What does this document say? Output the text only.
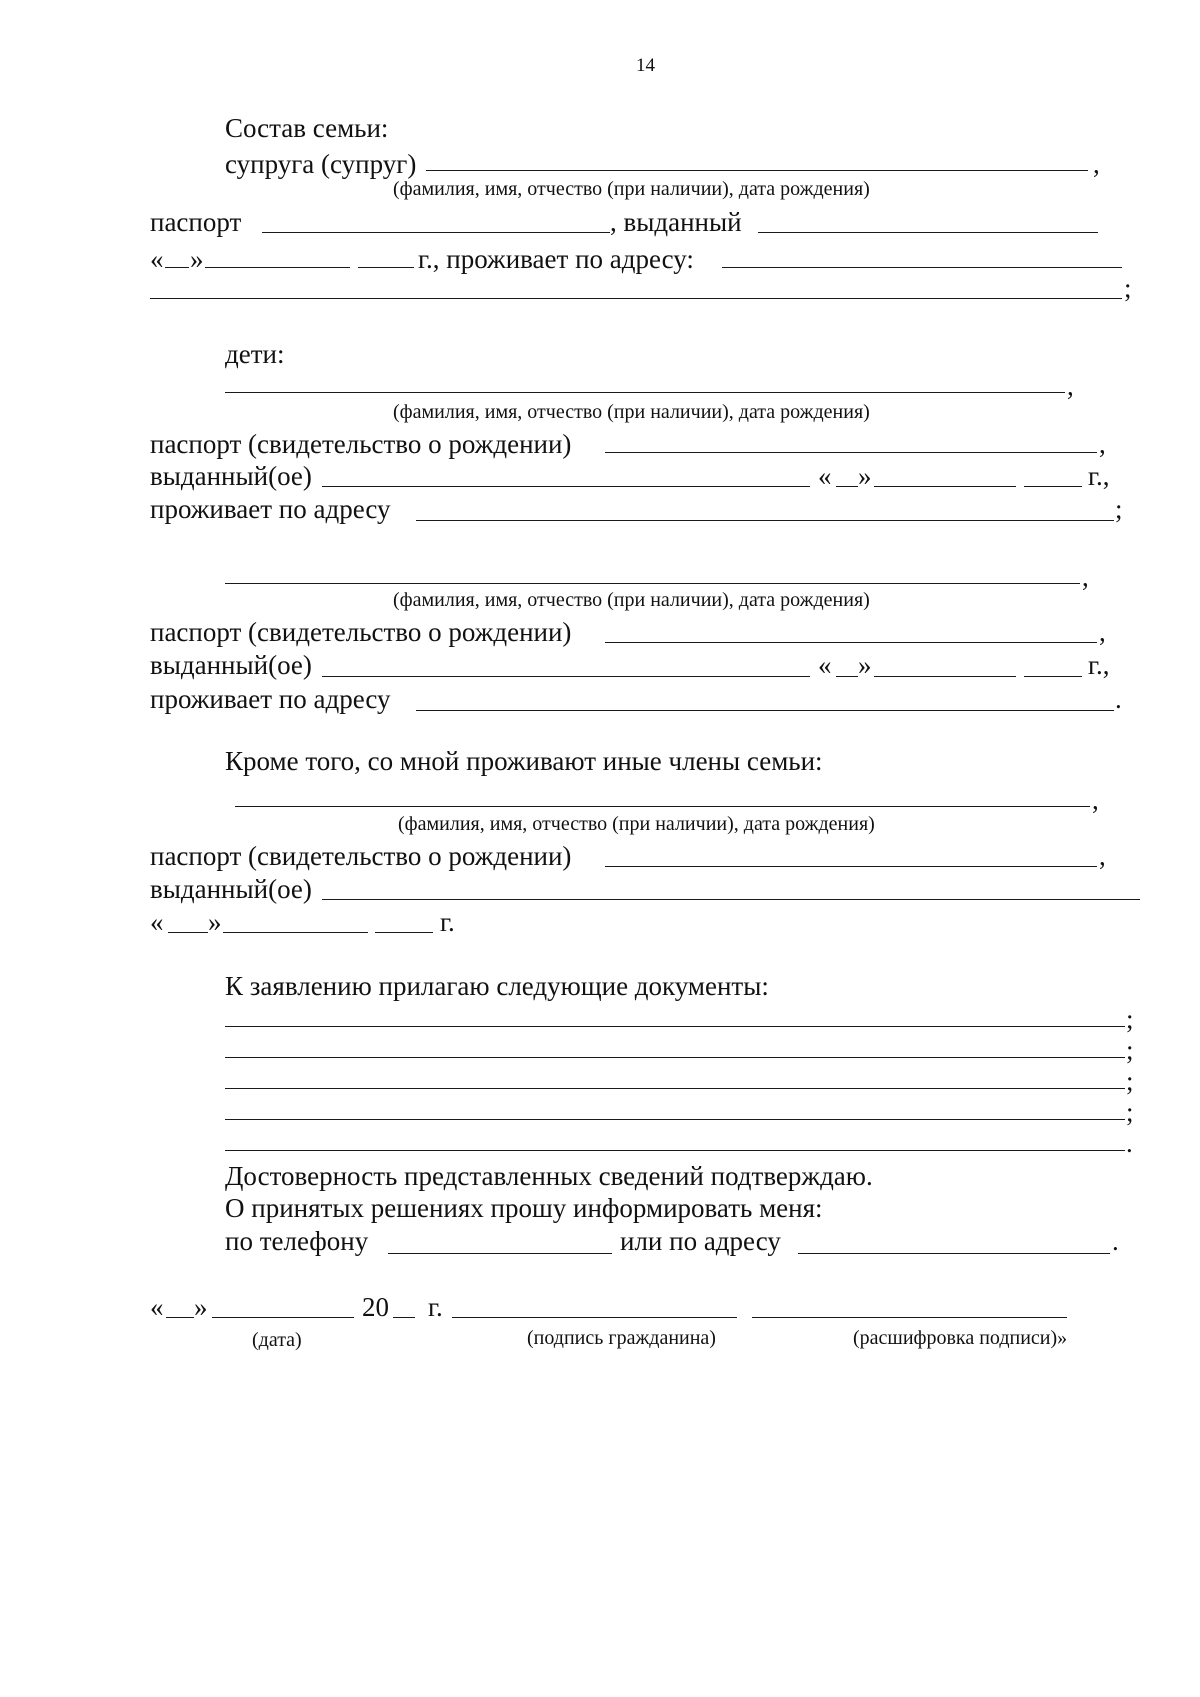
14
Состав семьи:
супруга (супруг)	,
(фамилия, имя, отчество (при наличии), дата рождения)
паспорт	, выданный
« »	г., проживает по адресу:
;
дети:
,
(фамилия, имя, отчество (при наличии), дата рождения)
паспорт (свидетельство о рождении)	,
выданный(ое)	« »	г.,
проживает по адресу	;
,
(фамилия, имя, отчество (при наличии), дата рождения)
паспорт (свидетельство о рождении)	,
выданный(ое)	« »	г.,
проживает по адресу	.
Кроме того, со мной проживают иные члены семьи:
,
(фамилия, имя, отчество (при наличии), дата рождения)
паспорт (свидетельство о рождении)	,
выданный(ое)
« »	г.
К заявлению прилагаю следующие документы:
;
;
;
;
.
Достоверность представленных сведений подтверждаю.
О принятых решениях прошу информировать меня:
по телефону	или по адресу	.
« »	20 г.
(дата)	(подпись гражданина)	(расшифровка подписи)»
